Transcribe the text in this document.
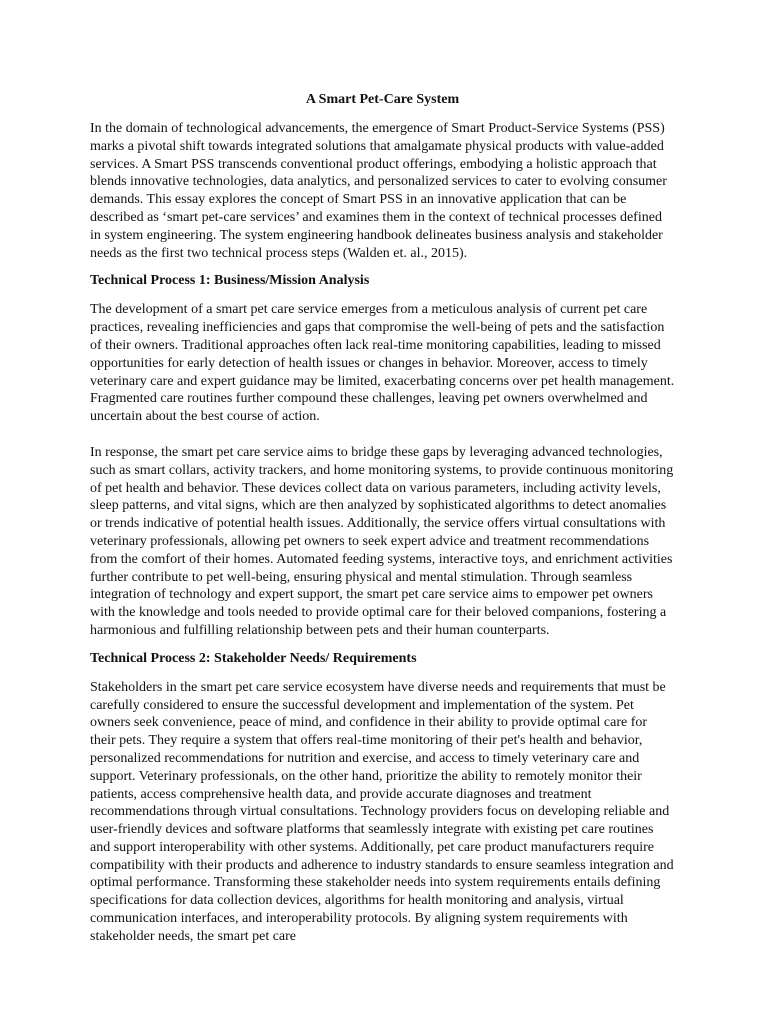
A Smart Pet-Care System

In the domain of technological advancements, the emergence of Smart Product-Service Systems (PSS) marks a pivotal shift towards integrated solutions that amalgamate physical products with value-added services. A Smart PSS transcends conventional product offerings, embodying a holistic approach that blends innovative technologies, data analytics, and personalized services to cater to evolving consumer demands. This essay explores the concept of Smart PSS in an innovative application that can be described as ‘smart pet-care services’ and examines them in the context of technical processes defined in system engineering. The system engineering handbook delineates business analysis and stakeholder needs as the first two technical process steps (Walden et. al., 2015).

Technical Process 1: Business/Mission Analysis

The development of a smart pet care service emerges from a meticulous analysis of current pet care practices, revealing inefficiencies and gaps that compromise the well-being of pets and the satisfaction of their owners. Traditional approaches often lack real-time monitoring capabilities, leading to missed opportunities for early detection of health issues or changes in behavior. Moreover, access to timely veterinary care and expert guidance may be limited, exacerbating concerns over pet health management. Fragmented care routines further compound these challenges, leaving pet owners overwhelmed and uncertain about the best course of action.

In response, the smart pet care service aims to bridge these gaps by leveraging advanced technologies, such as smart collars, activity trackers, and home monitoring systems, to provide continuous monitoring of pet health and behavior. These devices collect data on various parameters, including activity levels, sleep patterns, and vital signs, which are then analyzed by sophisticated algorithms to detect anomalies or trends indicative of potential health issues. Additionally, the service offers virtual consultations with veterinary professionals, allowing pet owners to seek expert advice and treatment recommendations from the comfort of their homes. Automated feeding systems, interactive toys, and enrichment activities further contribute to pet well-being, ensuring physical and mental stimulation. Through seamless integration of technology and expert support, the smart pet care service aims to empower pet owners with the knowledge and tools needed to provide optimal care for their beloved companions, fostering a harmonious and fulfilling relationship between pets and their human counterparts.

Technical Process 2: Stakeholder Needs/ Requirements

Stakeholders in the smart pet care service ecosystem have diverse needs and requirements that must be carefully considered to ensure the successful development and implementation of the system. Pet owners seek convenience, peace of mind, and confidence in their ability to provide optimal care for their pets. They require a system that offers real-time monitoring of their pet's health and behavior, personalized recommendations for nutrition and exercise, and access to timely veterinary care and support. Veterinary professionals, on the other hand, prioritize the ability to remotely monitor their patients, access comprehensive health data, and provide accurate diagnoses and treatment recommendations through virtual consultations. Technology providers focus on developing reliable and user-friendly devices and software platforms that seamlessly integrate with existing pet care routines and support interoperability with other systems. Additionally, pet care product manufacturers require compatibility with their products and adherence to industry standards to ensure seamless integration and optimal performance. Transforming these stakeholder needs into system requirements entails defining specifications for data collection devices, algorithms for health monitoring and analysis, virtual communication interfaces, and interoperability protocols. By aligning system requirements with stakeholder needs, the smart pet care
